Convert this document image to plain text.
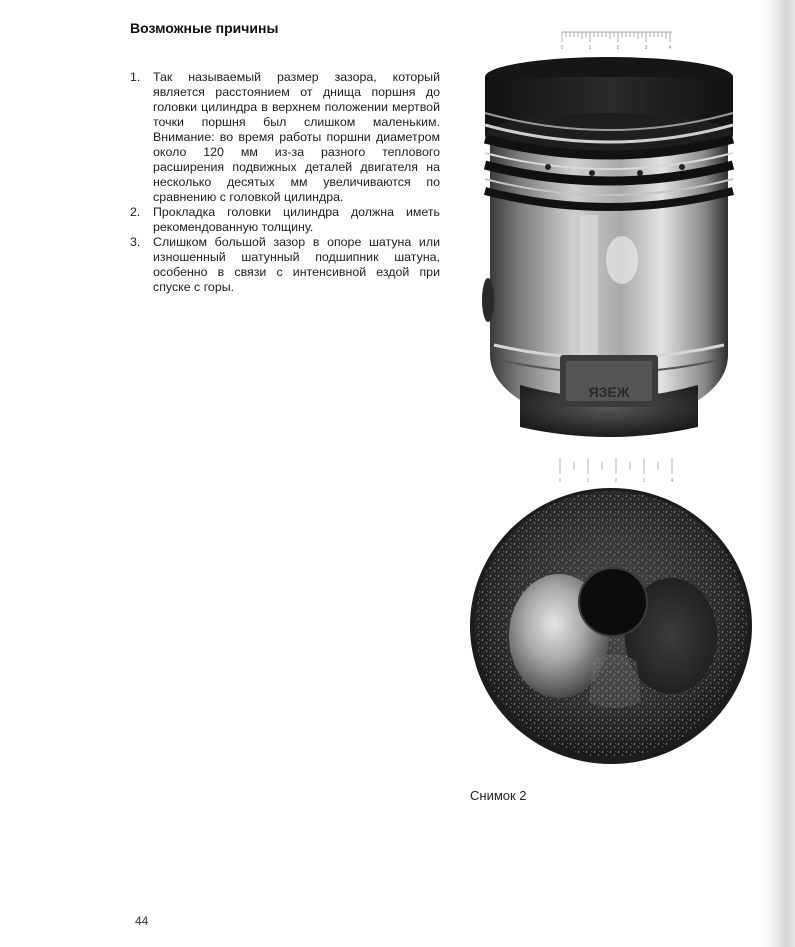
Возможные причины
1. Так называемый размер зазора, который является расстоянием от днища поршня до головки цилиндра в верхнем положении мертвой точки поршня был слишком маленьким. Внимание: во время работы поршни диаметром около 120 мм из-за разного теплового расширения подвижных деталей двигателя на несколько десятых мм увеличиваются по сравнению с головкой цилиндра.
2. Прокладка головки цилиндра должна иметь рекомендованную толщину.
3. Слишком большой зазор в опоре шатуна или изношенный шатунный подшипник шатуна, особенно в связи с интенсивной ездой при спуске с горы.
0	1	2	3	4
ЯЗЕЖ
0	1	2	3	4
Снимок 2
44
